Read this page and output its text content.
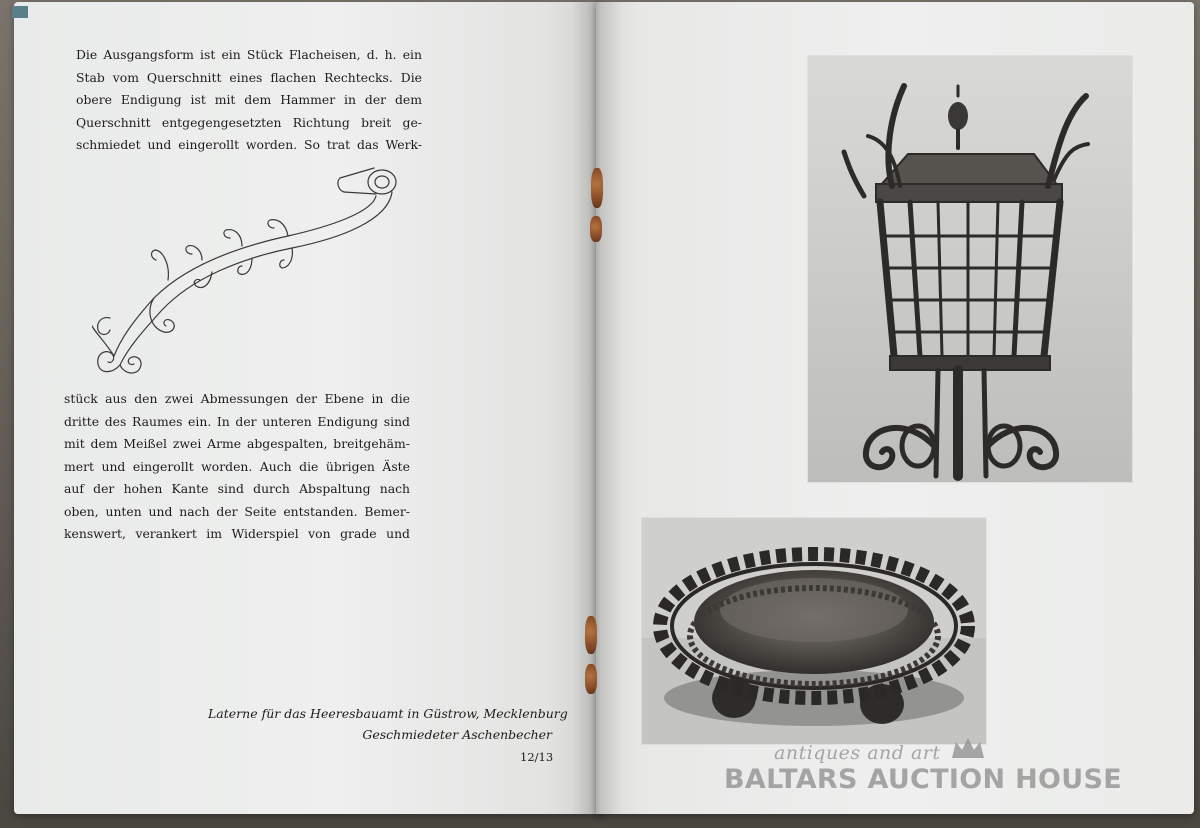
Die Ausgangsform ist ein Stück Flacheisen, d. h. ein
Stab vom Querschnitt eines flachen Rechtecks. Die
obere Endigung ist mit dem Hammer in der dem
Querschnitt entgegengesetzten Richtung breit ge-
schmiedet und eingerollt worden. So trat das Werk-
stück aus den zwei Abmessungen der Ebene in die
dritte des Raumes ein. In der unteren Endigung sind
mit dem Meißel zwei Arme abgespalten, breitgehäm-
mert und eingerollt worden. Auch die übrigen Äste
auf der hohen Kante sind durch Abspaltung nach
oben, unten und nach der Seite entstanden. Bemer-
kenswert, verankert im Widerspiel von grade und
Laterne für das Heeresbauamt in Güstrow, Mecklenburg
Geschmiedeter Aschenbecher
12/13	antiques and art
BALTARS AUCTION HOUSE
